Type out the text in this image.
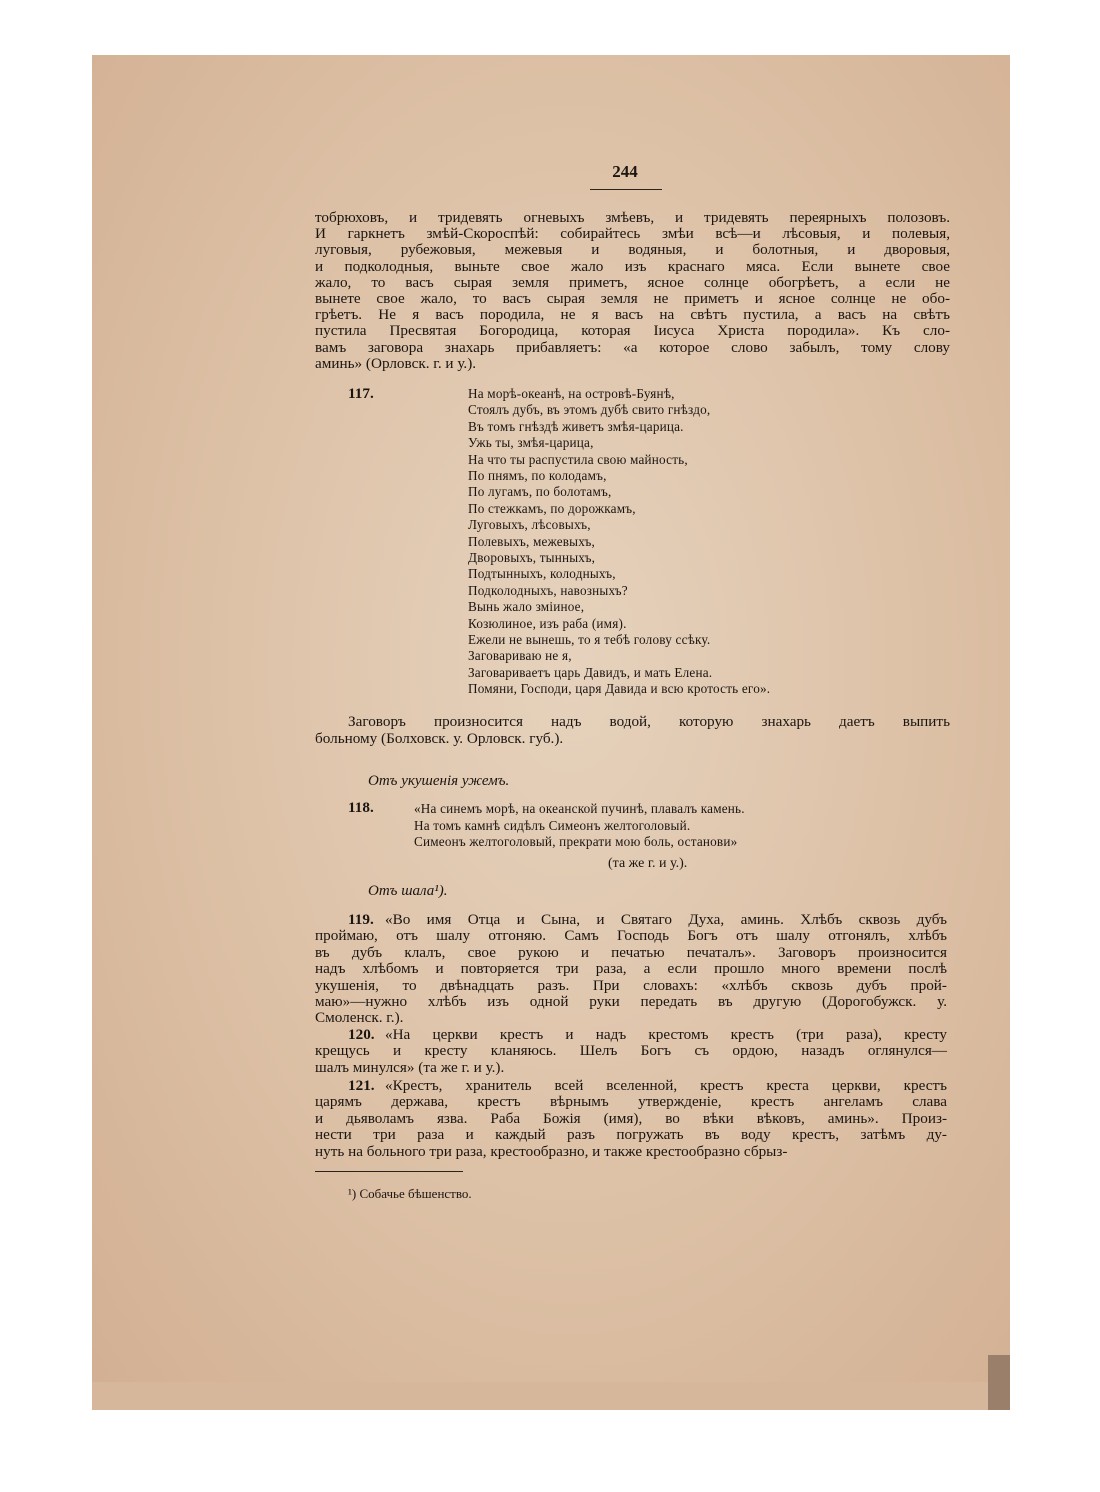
244
тобрюховъ, и тридевять огневыхъ змѣевъ, и тридевять переярныхъ полозовъ.
И гаркнетъ змѣй-Скороспѣй: собирайтесь змѣи всѣ—и лѣсовыя, и полевыя,
луговыя, рубежовыя, межевыя и водяныя, и болотныя, и дворовыя,
и подколодныя, выньте свое жало изъ краснаго мяса. Если вынете свое
жало, то васъ сырая земля приметъ, ясное солнце обогрѣетъ, а если не
вынете свое жало, то васъ сырая земля не приметъ и ясное солнце не обо-
грѣетъ. Не я васъ породила, не я васъ на свѣтъ пустила, а васъ на свѣтъ
пустила Пресвятая Богородица, которая Іисуса Христа породила». Къ сло-
вамъ заговора знахарь прибавляетъ: «а которое слово забылъ, тому слову
аминь» (Орловск. г. и у.).
117.	На морѣ-океанѣ, на островѣ-Буянѣ,
Стоялъ дубъ, въ этомъ дубѣ свито гнѣздо,
Въ томъ гнѣздѣ живетъ змѣя-царица.
Ужь ты, змѣя-царица,
На что ты распустила свою майность,
По пнямъ, по колодамъ,
По лугамъ, по болотамъ,
По стежкамъ, по дорожкамъ,
Луговыхъ, лѣсовыхъ,
Полевыхъ, межевыхъ,
Дворовыхъ, тынныхъ,
Подтынныхъ, колодныхъ,
Подколодныхъ, навозныхъ?
Вынь жало зміиное,
Козюлиное, изъ раба (имя).
Ежели не вынешь, то я тебѣ голову ссѣку.
Заговариваю не я,
Заговариваетъ царь Давидъ, и мать Елена.
Помяни, Господи, царя Давида и всю кротость его».
Заговоръ произносится надъ водой, которую знахарь даетъ выпить
больному (Болховск. у. Орловск. губ.).
Отъ укушенія ужемъ.
118.	«На синемъ морѣ, на океанской пучинѣ, плавалъ камень.
На томъ камнѣ сидѣлъ Симеонъ желтоголовый.
Симеонъ желтоголовый, прекрати мою боль, останови»
(та же г. и у.).
Отъ шала¹).
119. «Во имя Отца и Сына, и Святаго Духа, аминь. Хлѣбъ сквозь дубъ
проймаю, отъ шалу отгоняю. Самъ Господь Богъ отъ шалу отгонялъ, хлѣбъ
въ дубъ клалъ, свое рукою и печатью печаталъ». Заговоръ произносится
надъ хлѣбомъ и повторяется три раза, а если прошло много времени послѣ
укушенія, то двѣнадцать разъ. При словахъ: «хлѣбъ сквозь дубъ прой-
маю»—нужно хлѣбъ изъ одной руки передать въ другую (Дорогобужск. у.
Смоленск. г.).
120. «На церкви крестъ и надъ крестомъ крестъ (три раза), кресту
крещусь и кресту кланяюсь. Шелъ Богъ съ ордою, назадъ оглянулся—
шалъ минулся» (та же г. и у.).
121. «Крестъ, хранитель всей вселенной, крестъ креста церкви, крестъ
царямъ держава, крестъ вѣрнымъ утвержденіе, крестъ ангеламъ слава
и дьяволамъ язва. Раба Божія (имя), во вѣки вѣковъ, аминь». Произ-
нести три раза и каждый разъ погружать въ воду крестъ, затѣмъ ду-
нуть на больного три раза, крестообразно, и также крестообразно сбрыз-
¹) Собачье бѣшенство.
